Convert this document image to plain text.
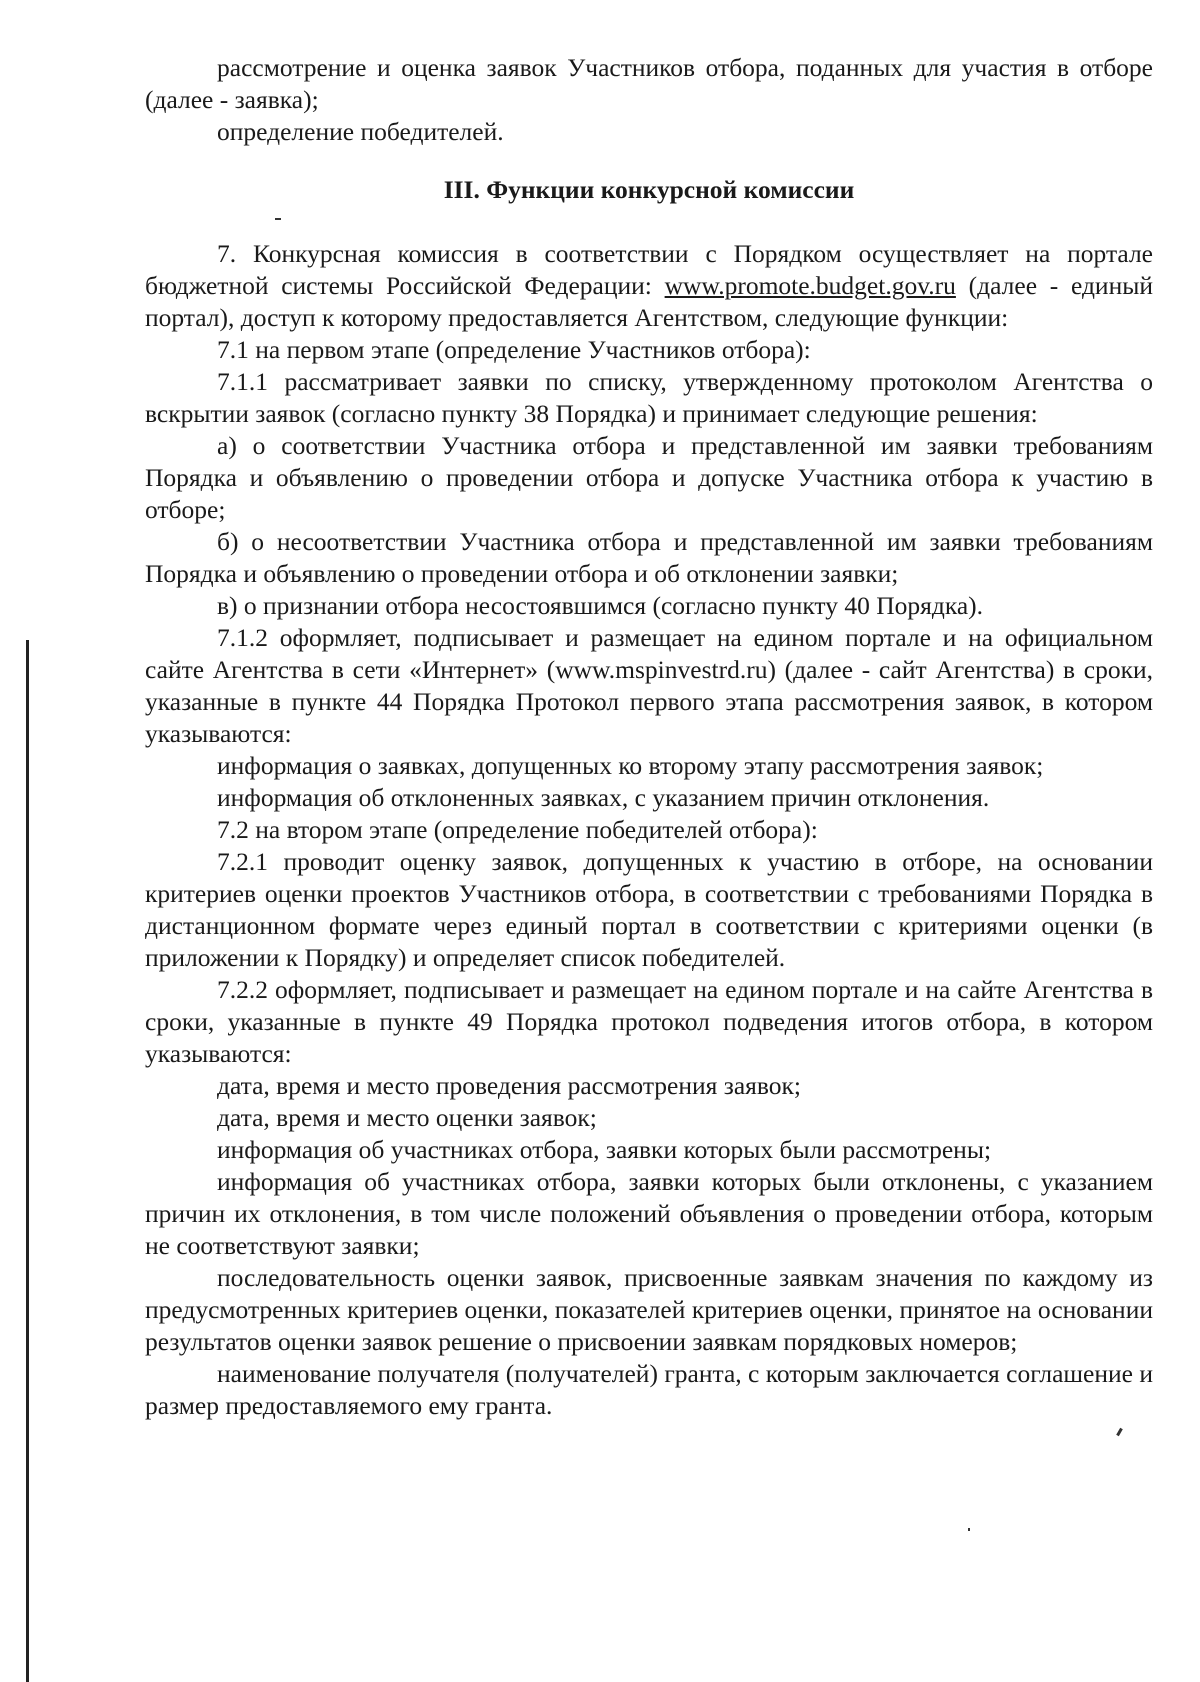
рассмотрение и оценка заявок Участников отбора, поданных для участия в отборе (далее - заявка);

определение победителей.

III. Функции конкурсной комиссии

7. Конкурсная комиссия в соответствии с Порядком осуществляет на портале бюджетной системы Российской Федерации: www.promote.budget.gov.ru (далее - единый портал), доступ к которому предоставляется Агентством, следующие функции:

7.1 на первом этапе (определение Участников отбора):

7.1.1 рассматривает заявки по списку, утвержденному протоколом Агентства о вскрытии заявок (согласно пункту 38 Порядка) и принимает следующие решения:

а) о соответствии Участника отбора и представленной им заявки требованиям Порядка и объявлению о проведении отбора и допуске Участника отбора к участию в отборе;

б) о несоответствии Участника отбора и представленной им заявки требованиям Порядка и объявлению о проведении отбора и об отклонении заявки;

в) о признании отбора несостоявшимся (согласно пункту 40 Порядка).

7.1.2 оформляет, подписывает и размещает на едином портале и на официальном сайте Агентства в сети «Интернет» (www.mspinvestrd.ru) (далее - сайт Агентства) в сроки, указанные в пункте 44 Порядка Протокол первого этапа рассмотрения заявок, в котором указываются:

информация о заявках, допущенных ко второму этапу рассмотрения заявок;

информация об отклоненных заявках, с указанием причин отклонения.

7.2 на втором этапе (определение победителей отбора):

7.2.1 проводит оценку заявок, допущенных к участию в отборе, на основании критериев оценки проектов Участников отбора, в соответствии с требованиями Порядка в дистанционном формате через единый портал в соответствии с критериями оценки (в приложении к Порядку) и определяет список победителей.

7.2.2 оформляет, подписывает и размещает на едином портале и на сайте Агентства в сроки, указанные в пункте 49 Порядка протокол подведения итогов отбора, в котором указываются:

дата, время и место проведения рассмотрения заявок;

дата, время и место оценки заявок;

информация об участниках отбора, заявки которых были рассмотрены;

информация об участниках отбора, заявки которых были отклонены, с указанием причин их отклонения, в том числе положений объявления о проведении отбора, которым не соответствуют заявки;

последовательность оценки заявок, присвоенные заявкам значения по каждому из предусмотренных критериев оценки, показателей критериев оценки, принятое на основании результатов оценки заявок решение о присвоении заявкам порядковых номеров;

наименование получателя (получателей) гранта, с которым заключается соглашение и размер предоставляемого ему гранта.
